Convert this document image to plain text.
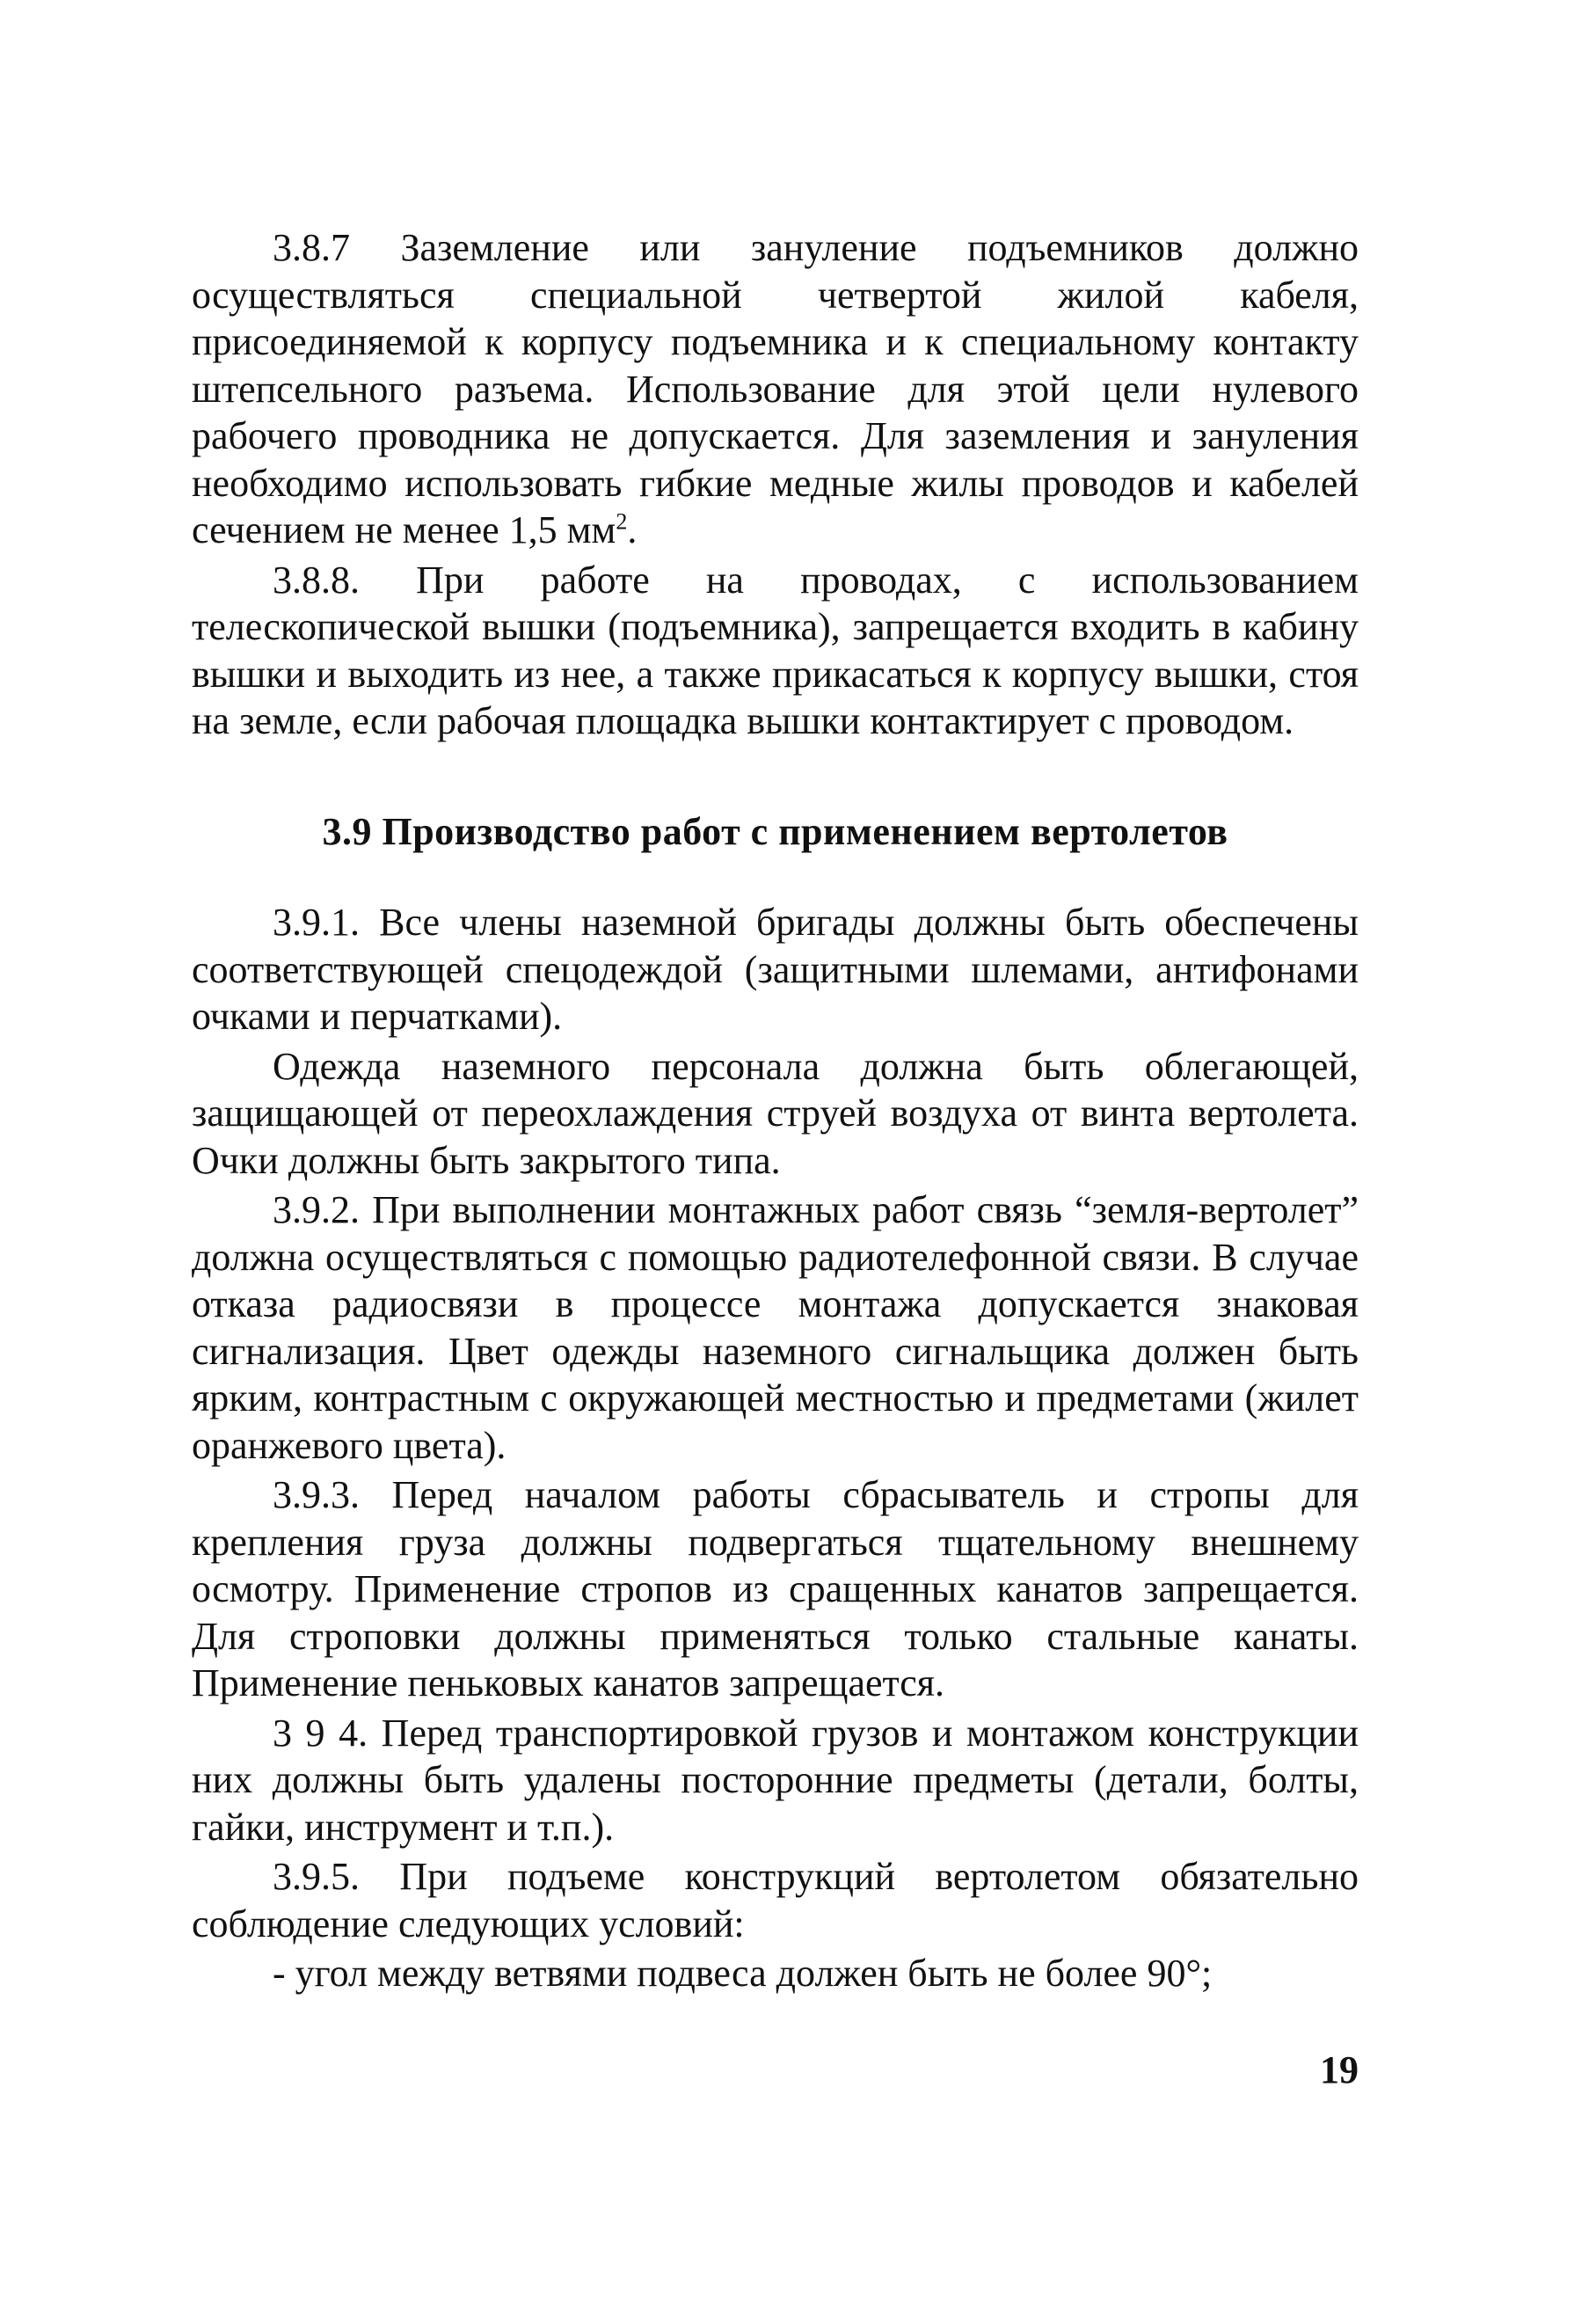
3.8.7 Заземление или зануление подъемников должно осуществляться специальной четвертой жилой кабеля, присоединяемой к корпусу подъемника и к специальному контакту штепсельного разъема. Использование для этой цели нулевого рабочего проводника не допускается. Для заземления и зануления необходимо использовать гибкие медные жилы проводов и кабелей сечением не менее 1,5 $мм^2$.

3.8.8. При работе на проводах, с использованием телескопической вышки (подъемника), запрещается входить в кабину вышки и выходить из нее, а также прикасаться к корпусу вышки, стоя на земле, если рабочая площадка вышки контактирует с проводом.

3.9 Производство работ с применением вертолетов

3.9.1. Все члены наземной бригады должны быть обеспечены соответствующей спецодеждой (защитными шлемами, антифонами очками и перчатками).

Одежда наземного персонала должна быть облегающей, защищающей от переохлаждения струей воздуха от винта вертолета. Очки должны быть закрытого типа.

3.9.2. При выполнении монтажных работ связь “земля-вертолет” должна осуществляться с помощью радиотелефонной связи. В случае отказа радиосвязи в процессе монтажа допускается знаковая сигнализация. Цвет одежды наземного сигнальщика должен быть ярким, контрастным с окружающей местностью и предметами (жилет оранжевого цвета).

3.9.3. Перед началом работы сбрасыватель и стропы для крепления груза должны подвергаться тщательному внешнему осмотру. Применение стропов из сращенных канатов запрещается. Для строповки должны применяться только стальные канаты. Применение пеньковых канатов запрещается.

3 9 4. Перед транспортировкой грузов и монтажом конструкции них должны быть удалены посторонние предметы (детали, болты, гайки, инструмент и т.п.).

3.9.5. При подъеме конструкций вертолетом обязательно соблюдение следующих условий:

- угол между ветвями подвеса должен быть не более 90°;

19
